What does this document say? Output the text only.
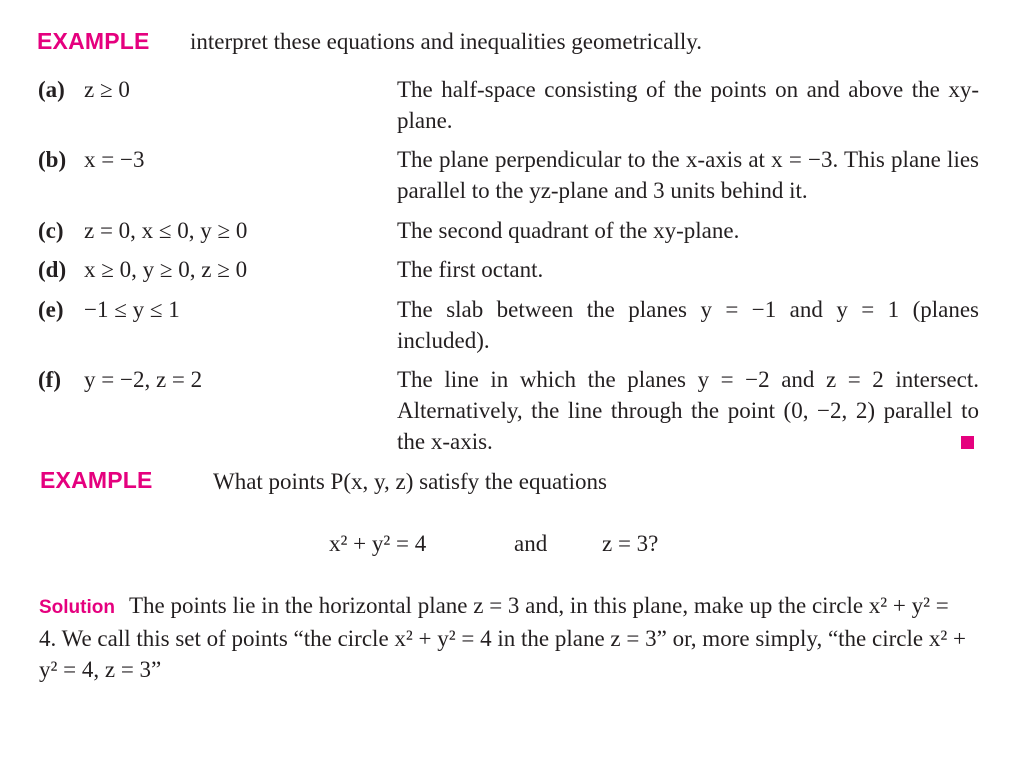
EXAMPLE interpret these equations and inequalities geometrically.
(a) z ≥ 0	The half-space consisting of the points on and above the xy-plane.
(b) x = −3	The plane perpendicular to the x-axis at x = −3. This plane lies parallel to the yz-plane and 3 units behind it.
(c) z = 0, x ≤ 0, y ≥ 0	The second quadrant of the xy-plane.
(d) x ≥ 0, y ≥ 0, z ≥ 0	The first octant.
(e) −1 ≤ y ≤ 1	The slab between the planes y = −1 and y = 1 (planes included).
(f) y = −2, z = 2	The line in which the planes y = −2 and z = 2 intersect. Alternatively, the line through the point (0, −2, 2) parallel to the x-axis.
EXAMPLE	What points P(x, y, z) satisfy the equations
x² + y² = 4	and z = 3?
Solution The points lie in the horizontal plane z = 3 and, in this plane, make up the circle x² + y² = 4. We call this set of points “the circle x² + y² = 4 in the plane z = 3” or, more simply, “the circle x² + y² = 4, z = 3”
